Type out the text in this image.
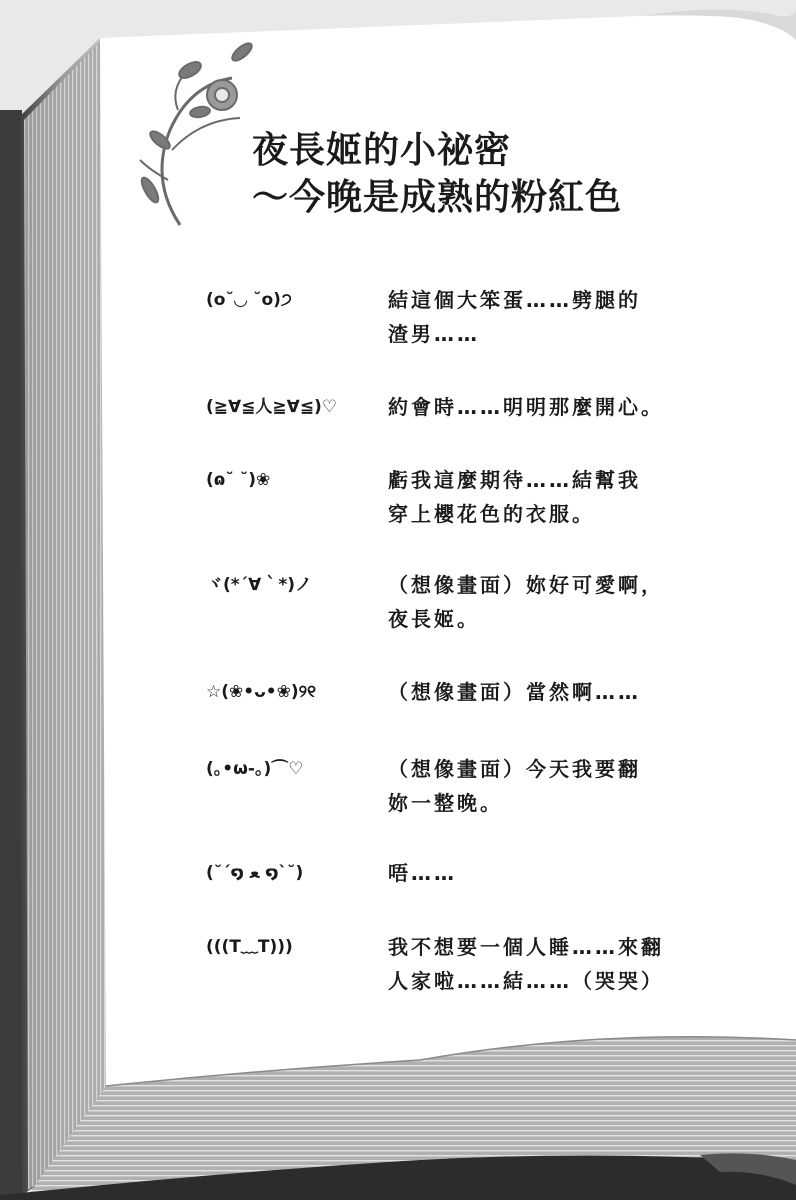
夜長姬的小祕密
～今晚是成熟的粉紅色
(o˘◡ ˘o)੭	結這個大笨蛋……劈腿的
渣男……
(≧∀≦人≧∀≦)♡	約會時……明明那麼開心。
(ɷ˘ ˘)❀	虧我這麼期待……結幫我
穿上櫻花色的衣服。
ヾ(*´∀｀*)ノ	（想像畫面）妳好可愛啊，
夜長姬。
☆(❀•ᴗ•❀)୨୧	（想像畫面）當然啊……
(｡•ω-｡)⌒♡	（想像畫面）今天我要翻
妳一整晚。
(˘´໑ ﻌ ໑`˘)	唔……
(((T﹏T)))	我不想要一個人睡……來翻
人家啦……結……（哭哭）
